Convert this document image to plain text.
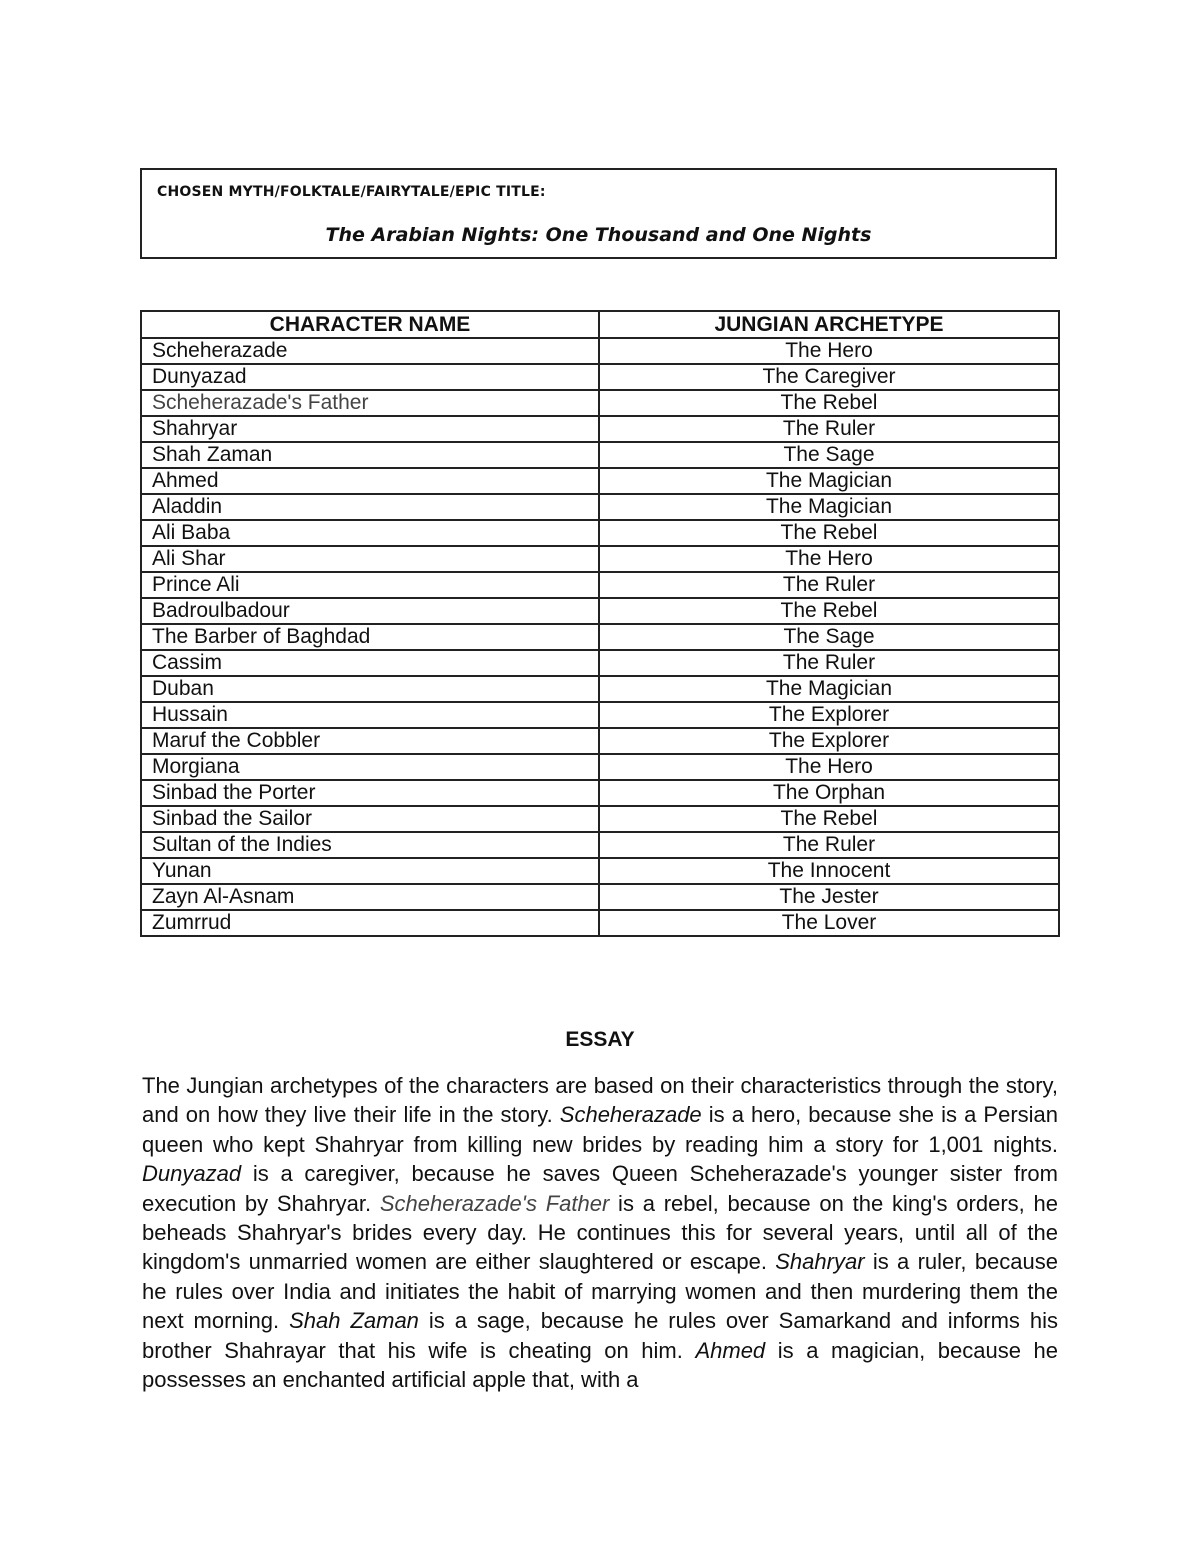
CHOSEN MYTH/FOLKTALE/FAIRYTALE/EPIC TITLE:
The Arabian Nights: One Thousand and One Nights
CHARACTER NAME	JUNGIAN ARCHETYPE
Scheherazade	The Hero
Dunyazad	The Caregiver
Scheherazade's Father	The Rebel
Shahryar	The Ruler
Shah Zaman	The Sage
Ahmed	The Magician
Aladdin	The Magician
Ali Baba	The Rebel
Ali Shar	The Hero
Prince Ali	The Ruler
Badroulbadour	The Rebel
The Barber of Baghdad	The Sage
Cassim	The Ruler
Duban	The Magician
Hussain	The Explorer
Maruf the Cobbler	The Explorer
Morgiana	The Hero
Sinbad the Porter	The Orphan
Sinbad the Sailor	The Rebel
Sultan of the Indies	The Ruler
Yunan	The Innocent
Zayn Al-Asnam	The Jester
Zumrrud	The Lover
ESSAY

The Jungian archetypes of the characters are based on their characteristics through the story, and on how they live their life in the story. Scheherazade is a hero, because she is a Persian queen who kept Shahryar from killing new brides by reading him a story for 1,001 nights. Dunyazad is a caregiver, because he saves Queen Scheherazade's younger sister from execution by Shahryar. Scheherazade's Father is a rebel, because on the king's orders, he beheads Shahryar's brides every day. He continues this for several years, until all of the kingdom's unmarried women are either slaughtered or escape. Shahryar is a ruler, because he rules over India and initiates the habit of marrying women and then murdering them the next morning. Shah Zaman is a sage, because he rules over Samarkand and informs his brother Shahrayar that his wife is cheating on him. Ahmed is a magician, because he possesses an enchanted artificial apple that, with a
